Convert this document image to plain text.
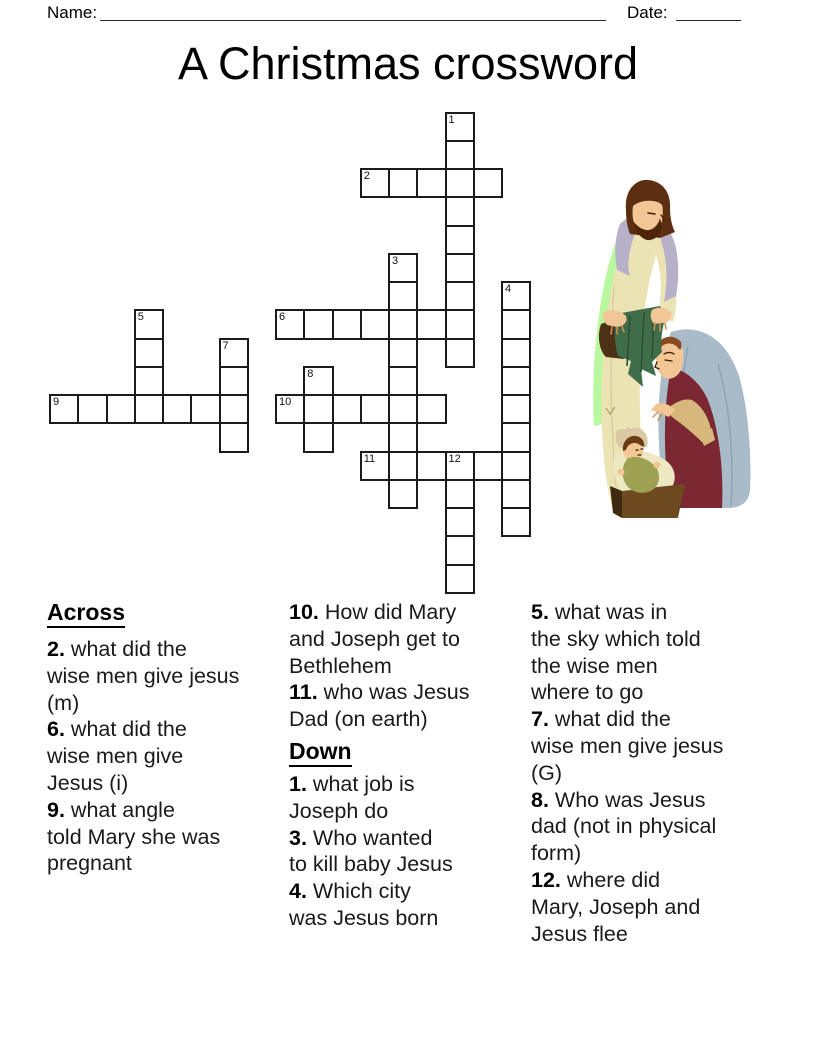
Name:	Date:
A Christmas crossword
1
2
3
4
5	6
7
8
9	10
11	12
Across

2. what did the
wise men give jesus
(m)

6. what did the
wise men give
Jesus (i)

9. what angle
told Mary she was
pregnant

10. How did Mary
and Joseph get to
Bethlehem

11. who was Jesus
Dad (on earth)

Down

1. what job is
Joseph do

3. Who wanted
to kill baby Jesus

4. Which city
was Jesus born

5. what was in
the sky which told
the wise men
where to go

7. what did the
wise men give jesus
(G)

8. Who was Jesus
dad (not in physical
form)

12. where did
Mary, Joseph and
Jesus flee
